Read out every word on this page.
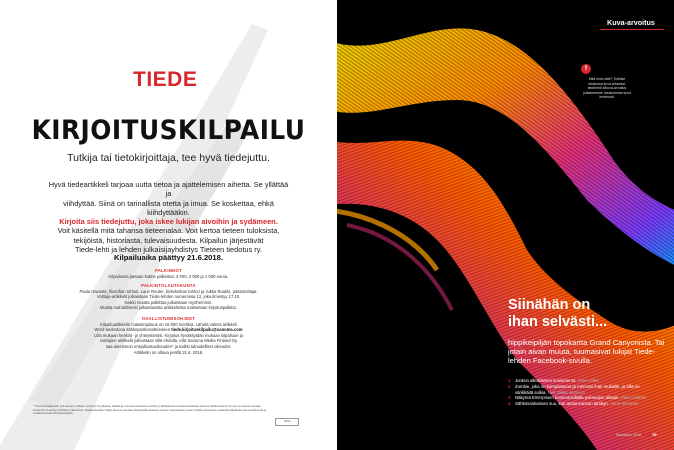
TIEDE
KIRJOITUSKILPAILU
Tutkija tai tietokirjoittaja, tee hyvä tiedejuttu.
Hyvä tiedeartikkeli tarjoaa uutta tietoa ja ajattelemisen aihetta. Se yllättää ja
viihdyttää. Siinä on tarinallista otetta ja imua. Se koskettaa, ehkä kiihdyttääkin.
Kirjoita siis tiedejuttu, joka iskee lukijan aivoihin ja sydämeen.
Voit käsitellä mitä tahansa tieteenalaa. Voit kertoa tieteen tuloksista,
tekijöistä, historiasta, tulevaisuudesta. Kilpailun järjestävät
Tiede-lehti ja lehden julkaisijayhdistys Tieteen tiedotus ry.
Kilpailuaika päättyy 21.6.2018.
PALKINNOT
Kilpailussa jaetaan kolme palkintoa: 3 000, 2 000 ja 1 000 euroa.
PALKINTOLAUTAKUNTA
Paula Havaste, filosofian tohtori, Lauri Reuter, bioteknikan tohtori ja Jukka Ruukki, päätoimittaja.
Voittaja-artikkelit julkaistaan Tiede-lehden numerossa 12, joka ilmestyy 17.10.
Kaikki muutta palkittua julkaistaan myöhemmin.
Muista mahdollisesti julkaistavista artikkeleista maksetaan kirjoituspalkkio.
OSALLISTUMISOHJEET
Kilpailuartikkelin maksimipituus on 15 000 merkkiä. Lähetä valmis artikkeli
Word-tiedostona sähköpostiosoitteeseen tiede.kirjoituskilpailu@sanoma.com
Liitä mukaan henkilö- ja yhteystietosi. Kirjoitus hyväksytään mukaan kilpailuun ja
voittajien artikkelit julkaistaan sillä ehdolla, että Sanoma Media Finland Oy
saa aineistoon enejulkaisuoikeuden* ja kaikki taloudelliset oikeudet.
Artikkelin on oltava perillä 21.6. 2018.
* Tämä tarkoittaa sitä, että aineisto voidaan myöhemmin julkaista, välittää ja muuntaa saatavana printtiin ja sähköisessä muodossa kaikissa Sanoma Media Finland Oy:n ja sen kanssa samaan konserniin kuuluvien yhtiöiden julkaisuissa. Tekijänoikeuden haltija sitoutuu olemaan käyttämättä aineistoa muuhun tarkoitukseen ilman erillistä sopimusta. Lisätietoja kilpailusta saa toimituksesta ja osoitteesta tiede.fi/kirjoituskilpailu.
TIEDE
Kuva-arvoitus
f
Mitä sinä näet? Tulkitse otsikossa kuva aiheeksi: tiedelehti.fi/kuva-arvoitus julkaisemme hauskimmat sivut lehdessä.
Siinähän on
ihan selvästi...
hippikeipiljän topokartta Grand Canyonista. Tai jotain aivan muuta, tuumasivat lukijat Tiede-lehden Facebook-sivulla.
1 Jonkun alkuelämen kosiomenot. Päivi Lehto
2 Zombie, joka on kompastunut ja menossi ihan mukaille, ja sillä on värikkäitä sulkia. Heli Jakku-Jonsson
3 Näkymä Enterprisen komentosillalta poimuajon aikaan. Päivi Laitinen
4 Sähkösankarisan suu, kun antaa kunnon tärskyn. Anne Simonen
Maaliskuu 2018 Tiede 69
